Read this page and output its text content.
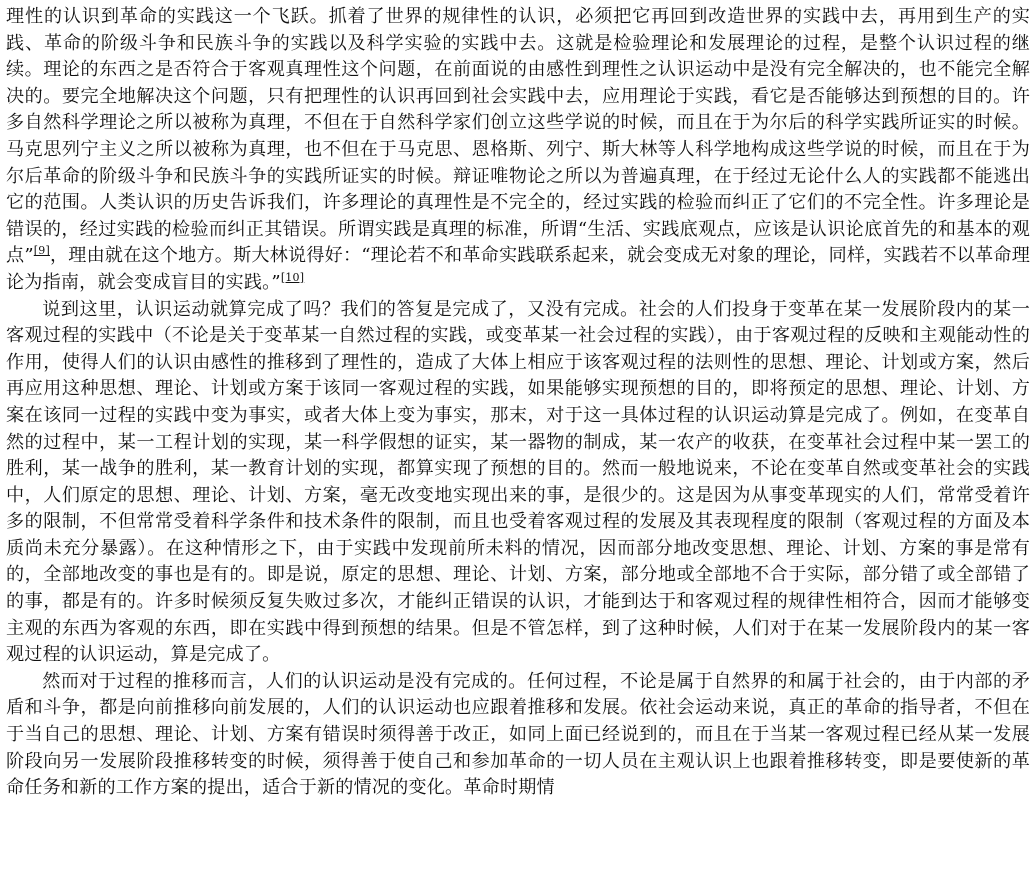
理性的认识到革命的实践这一个飞跃。抓着了世界的规律性的认识，必须把它再回到改造世界的实践中去，再用到生产的实践、革命的阶级斗争和民族斗争的实践以及科学实验的实践中去。这就是检验理论和发展理论的过程，是整个认识过程的继续。理论的东西之是否符合于客观真理性这个问题，在前面说的由感性到理性之认识运动中是没有完全解决的，也不能完全解决的。要完全地解决这个问题，只有把理性的认识再回到社会实践中去，应用理论于实践，看它是否能够达到预想的目的。许多自然科学理论之所以被称为真理，不但在于自然科学家们创立这些学说的时候，而且在于为尔后的科学实践所证实的时候。马克思列宁主义之所以被称为真理，也不但在于马克思、恩格斯、列宁、斯大林等人科学地构成这些学说的时候，而且在于为尔后革命的阶级斗争和民族斗争的实践所证实的时候。辩证唯物论之所以为普遍真理，在于经过无论什么人的实践都不能逃出它的范围。人类认识的历史告诉我们，许多理论的真理性是不完全的，经过实践的检验而纠正了它们的不完全性。许多理论是错误的，经过实践的检验而纠正其错误。所谓实践是真理的标准，所谓“生活、实践底观点，应该是认识论底首先的和基本的观点”[9]，理由就在这个地方。斯大林说得好：“理论若不和革命实践联系起来，就会变成无对象的理论，同样，实践若不以革命理论为指南，就会变成盲目的实践。”[10]

说到这里，认识运动就算完成了吗？我们的答复是完成了，又没有完成。社会的人们投身于变革在某一发展阶段内的某一客观过程的实践中（不论是关于变革某一自然过程的实践，或变革某一社会过程的实践），由于客观过程的反映和主观能动性的作用，使得人们的认识由感性的推移到了理性的，造成了大体上相应于该客观过程的法则性的思想、理论、计划或方案，然后再应用这种思想、理论、计划或方案于该同一客观过程的实践，如果能够实现预想的目的，即将预定的思想、理论、计划、方案在该同一过程的实践中变为事实，或者大体上变为事实，那末，对于这一具体过程的认识运动算是完成了。例如，在变革自然的过程中，某一工程计划的实现，某一科学假想的证实，某一器物的制成，某一农产的收获，在变革社会过程中某一罢工的胜利，某一战争的胜利，某一教育计划的实现，都算实现了预想的目的。然而一般地说来，不论在变革自然或变革社会的实践中，人们原定的思想、理论、计划、方案，毫无改变地实现出来的事，是很少的。这是因为从事变革现实的人们，常常受着许多的限制，不但常常受着科学条件和技术条件的限制，而且也受着客观过程的发展及其表现程度的限制（客观过程的方面及本质尚未充分暴露）。在这种情形之下，由于实践中发现前所未料的情况，因而部分地改变思想、理论、计划、方案的事是常有的，全部地改变的事也是有的。即是说，原定的思想、理论、计划、方案，部分地或全部地不合于实际，部分错了或全部错了的事，都是有的。许多时候须反复失败过多次，才能纠正错误的认识，才能到达于和客观过程的规律性相符合，因而才能够变主观的东西为客观的东西，即在实践中得到预想的结果。但是不管怎样，到了这种时候，人们对于在某一发展阶段内的某一客观过程的认识运动，算是完成了。

然而对于过程的推移而言，人们的认识运动是没有完成的。任何过程，不论是属于自然界的和属于社会的，由于内部的矛盾和斗争，都是向前推移向前发展的，人们的认识运动也应跟着推移和发展。依社会运动来说，真正的革命的指导者，不但在于当自己的思想、理论、计划、方案有错误时须得善于改正，如同上面已经说到的，而且在于当某一客观过程已经从某一发展阶段向另一发展阶段推移转变的时候，须得善于使自己和参加革命的一切人员在主观认识上也跟着推移转变，即是要使新的革命任务和新的工作方案的提出，适合于新的情况的变化。革命时期情
